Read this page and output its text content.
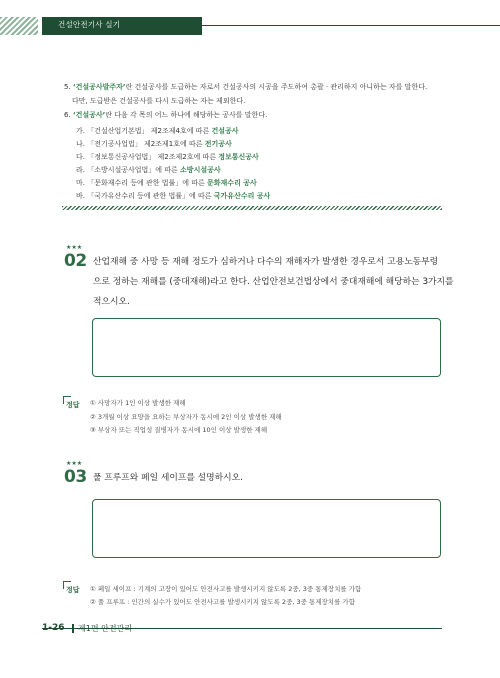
건설안전기사 실기
5. ‘건설공사발주자’란 건설공사를 도급하는 자로서 건설공사의 시공을 주도하여 총괄 · 관리하지 아니하는 자를 말한다.
다만, 도급받은 건설공사를 다시 도급하는 자는 제외한다.
6. ‘건설공사’란 다음 각 목의 어느 하나에 해당하는 공사를 말한다.
가. 「건설산업기본법」 제2조제4호에 따른 건설공사
나. 「전기공사업법」 제2조제1호에 따른 전기공사
다. 「정보통신공사업법」 제2조제2호에 따른 정보통신공사
라. 「소방시설공사업법」에 따른 소방시설공사
마. 「문화재수리 등에 관한 법률」에 따른 문화재수리 공사
바. 「국가유산수리 등에 관한 법률」에 따른 국가유산수리 공사
★★★
02 산업재해 중 사망 등 재해 정도가 심하거나 다수의 재해자가 발생한 경우로서 고용노동부령
으로 정하는 재해를 (중대재해)라고 한다. 산업안전보건법상에서 중대재해에 해당하는 3가지를
적으시오.
정답 ① 사망자가 1인 이상 발생한 재해
② 3개월 이상 요양을 요하는 부상자가 동시에 2인 이상 발생한 재해
③ 부상자 또는 직업성 질병자가 동시에 10인 이상 발생한 재해
★★★
03 풀 프루프와 페일 세이프를 설명하시오.
정답 ① 페일 세이프 : 기계의 고장이 있어도 안전사고를 발생시키지 않도록 2중, 3중 통제장치를 가함
② 풀 프루프 : 인간의 실수가 있어도 안전사고를 발생시키지 않도록 2중, 3중 통제장치를 가함
1-26 제1편 안전관리
